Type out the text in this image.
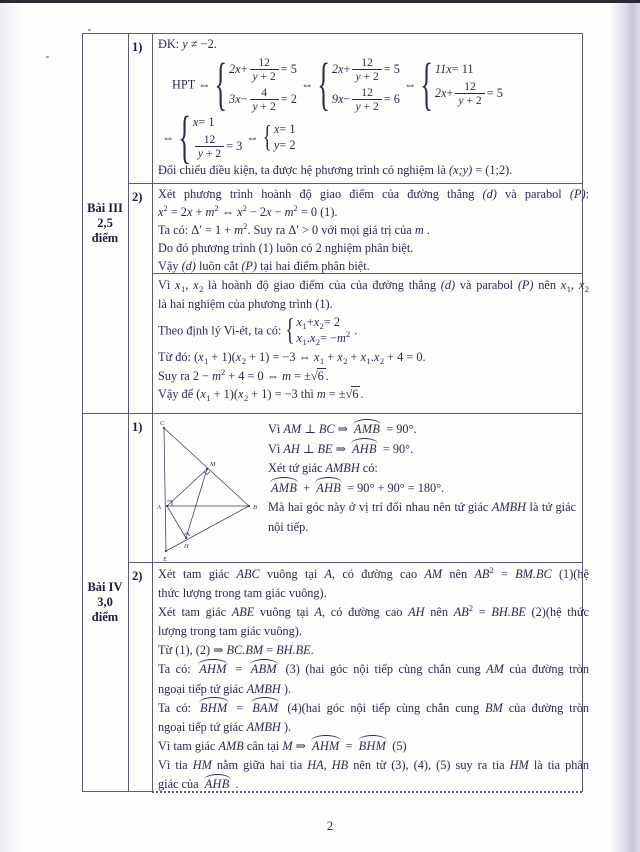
Bài III
2,5
điểm
1)	ĐK: y ≠ −2.
HPT ⇔ { $2x + \frac{12}{y + 2} = 5$
$3x - \frac{4}{y + 2} = 2$
⇔ { $2x + \frac{12}{y + 2} = 5$
$9x - \frac{12}{y + 2} = 6$
⇔ { 11x = 11
$2x + \frac{12}{y + 2} = 5$
⇔ { x = 1
$\frac{12}{y + 2} = 3$
⇔ { x = 1
y = 2
Đối chiếu điều kiện, ta được hệ phương trình có nghiệm là (x;y) = (1;2).
2)	Xét phương trình hoành độ giao điểm của đường thẳng (d) và parabol (P):
$x^2 = 2x + m^2$ ⇔ $x^2 - 2x - m^2 = 0$ (1).
Ta có: $\Delta' = 1 + m^2$. Suy ra Δ′ > 0 với mọi giá trị của m .
Do đó phương trình (1) luôn có 2 nghiệm phân biệt.
Vậy (d) luôn cắt (P) tại hai điểm phân biệt.
Vì $x_1$, $x_2$ là hoành độ giao điểm của của đường thẳng (d) và parabol (P) nên $x_1$, $x_2$
là hai nghiệm của phương trình (1).
Theo định lý Vi-ét, ta có: { $x_1 + x_2 = 2$
$x_1$ . $x_2$ = − $m^2$ .
Từ đó: $(x_1 + 1)(x_2 + 1) = -3$ ⇔ $x_1 + x_2 + x_1.x_2 + 4 = 0$.
Suy ra $2 - m^2 + 4 = 0$ ⇔ m = ±√6 .
Vậy để $(x_1 + 1)(x_2 + 1) = -3$ thì m = ±√6 .
Bài IV
3,0
điểm
1)	C
M
A	B
H
E
Vì AM ⊥ BC ⇒ AMB = 90°.
Vì AH ⊥ BE ⇒ AHB = 90°.
Xét tứ giác AMBH có:
AMB + AHB = 90° + 90° = 180°.
Mà hai góc này ở vị trí đối nhau nên tứ giác AMBH là tứ giác
nội tiếp.
2)	Xét tam giác ABC vuông tại A, có đường cao AM nên $AB^2 = BM.BC$ (1)(hệ
thức lượng trong tam giác vuông).
Xét tam giác ABE vuông tại A, có đường cao AH nên $AB^2 = BH.BE$ (2)(hệ thức
lượng trong tam giác vuông).
Từ (1), (2) ⇒ BC.BM = BH.BE.
Ta có: AHM = ABM (3) (hai góc nội tiếp cùng chắn cung AM của đường tròn
ngoại tiếp tứ giác AMBH ).
Ta có: BHM = BAM (4)(hai góc nội tiếp cùng chắn cung BM của đường tròn
ngoại tiếp tứ giác AMBH ).
Vì tam giác AMB cân tại M ⇒ AHM = BHM (5)
Vì tia HM nằm giữa hai tia HA, HB nên từ (3), (4), (5) suy ra tia HM là tia phân
giác của AHB .
2
